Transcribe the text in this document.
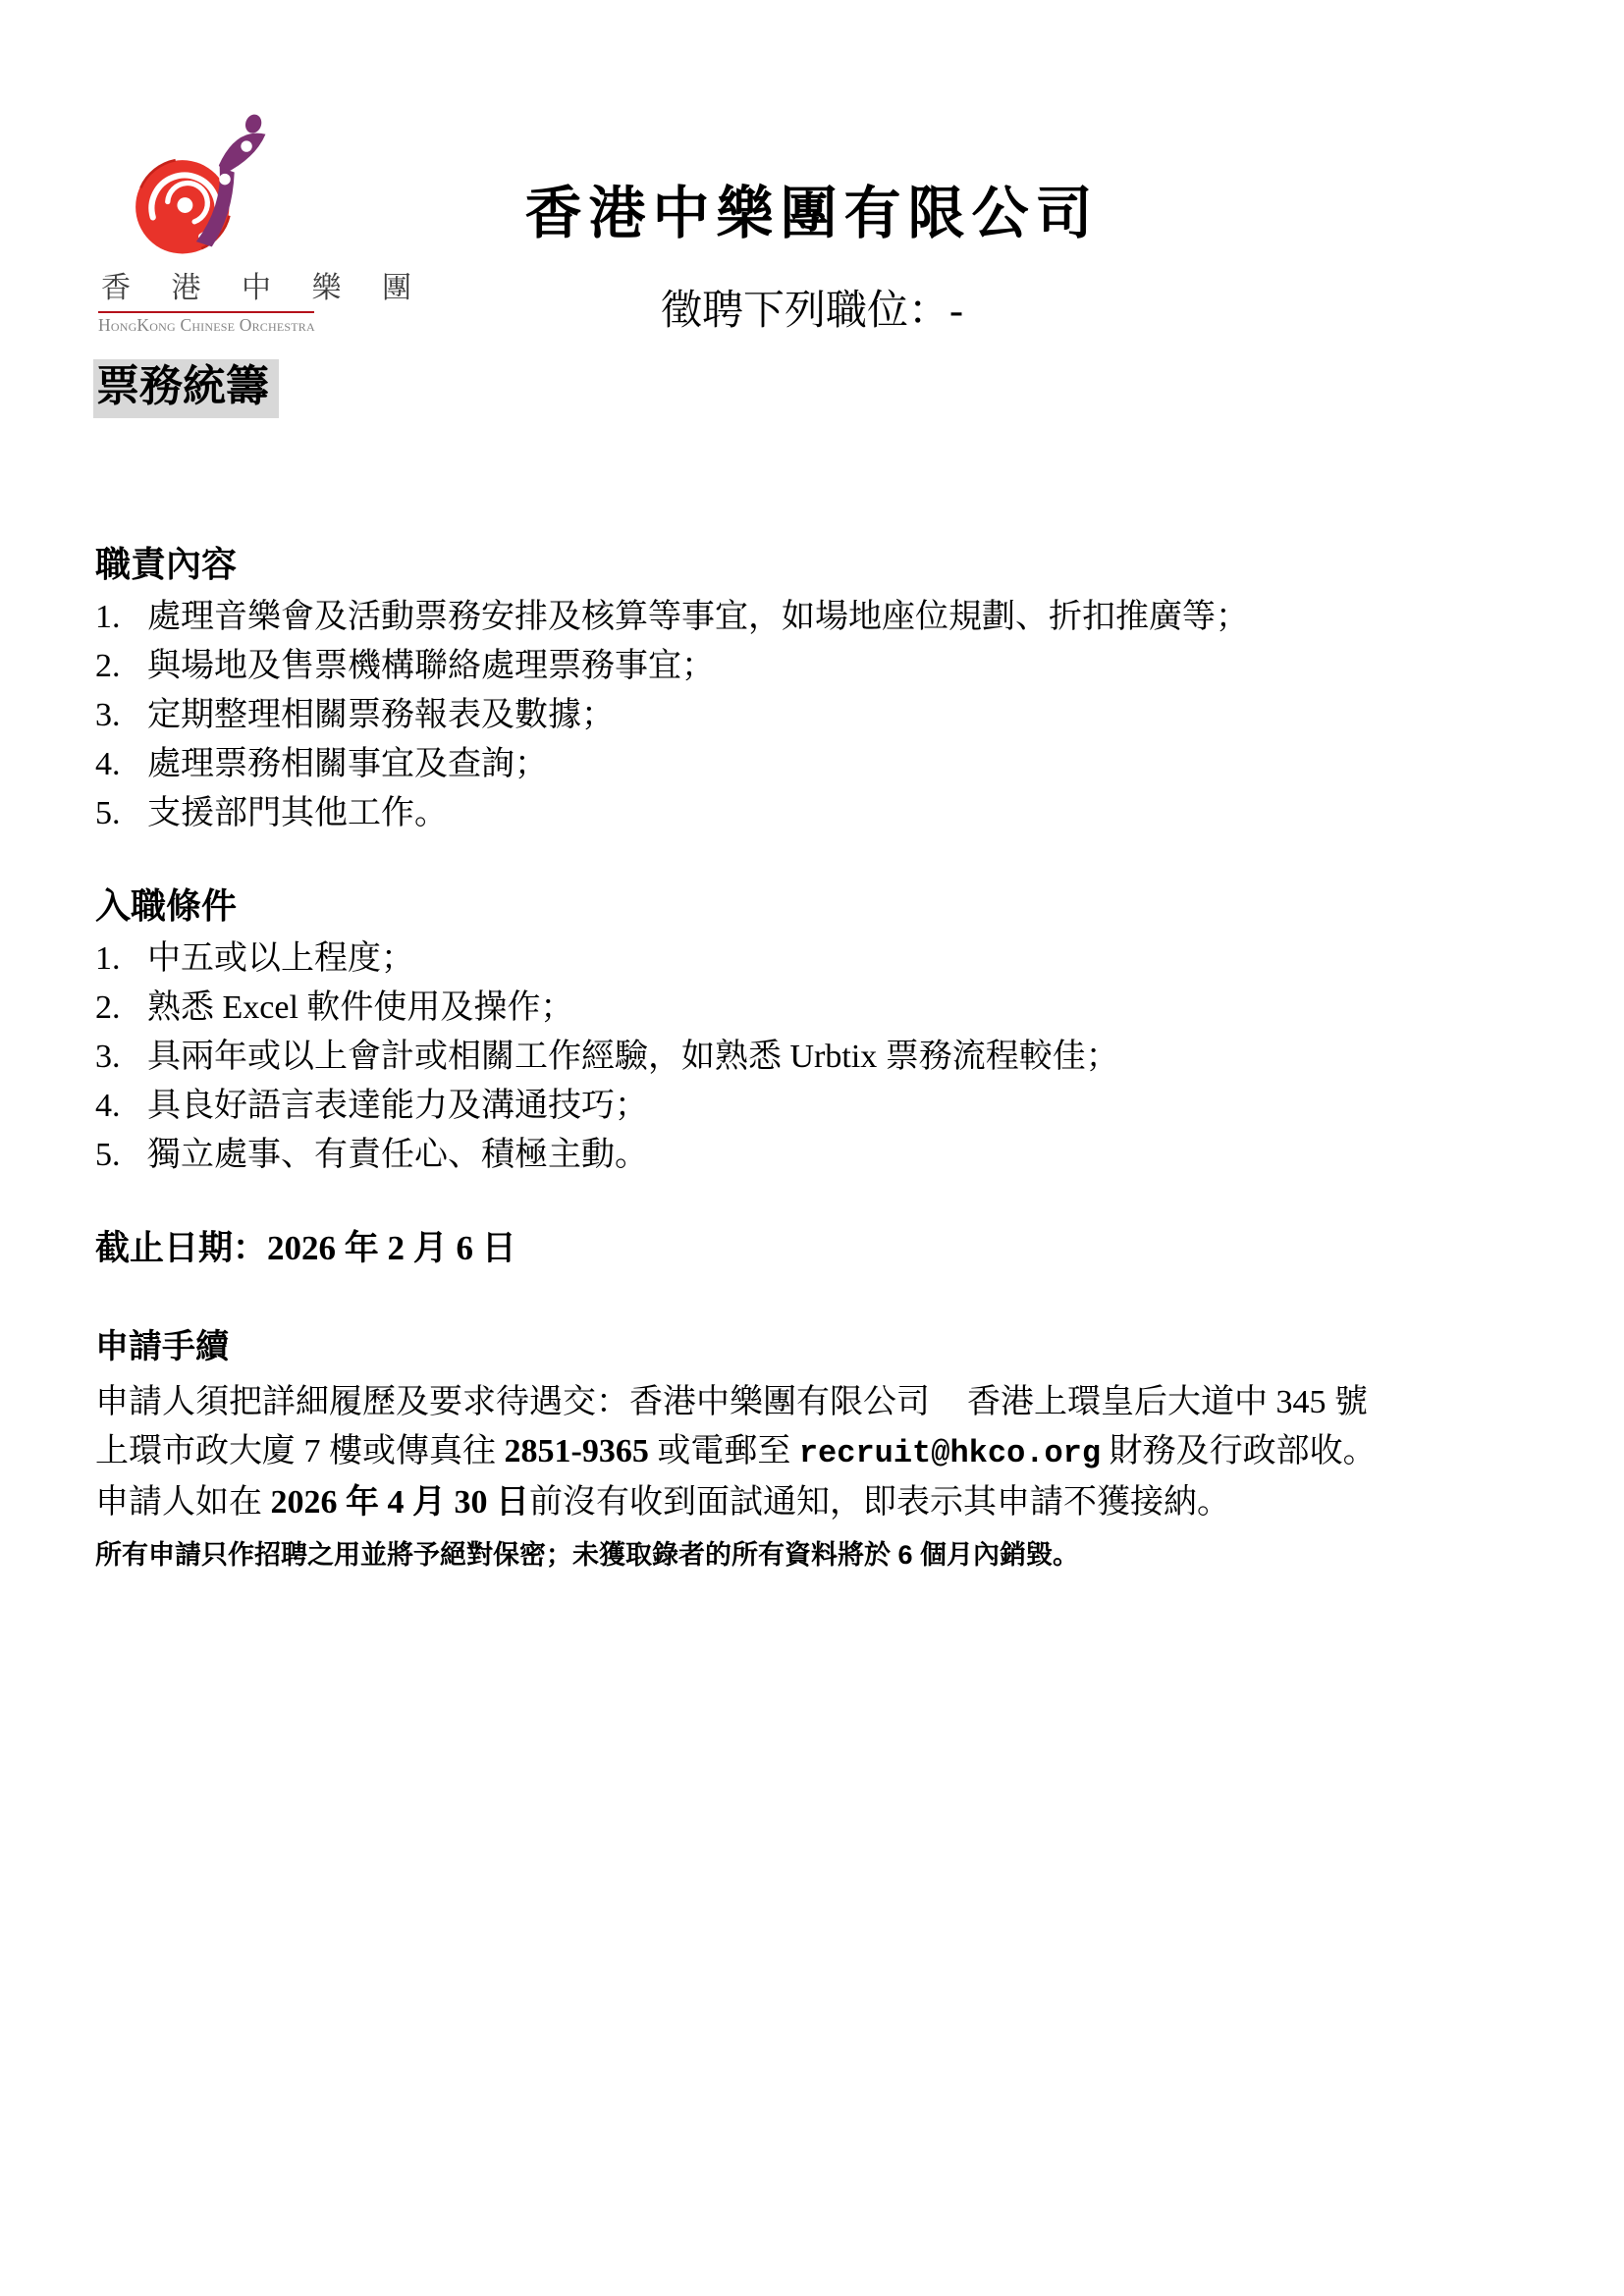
香 港 中 樂 團
HongKong Chinese Orchestra
香港中樂團有限公司
徵聘下列職位：-
票務統籌
職責內容
1. 處理音樂會及活動票務安排及核算等事宜，如場地座位規劃、折扣推廣等；
2. 與場地及售票機構聯絡處理票務事宜；
3. 定期整理相關票務報表及數據；
4. 處理票務相關事宜及查詢；
5. 支援部門其他工作。
入職條件
1. 中五或以上程度；
2. 熟悉 Excel 軟件使用及操作；
3. 具兩年或以上會計或相關工作經驗，如熟悉 Urbtix 票務流程較佳；
4. 具良好語言表達能力及溝通技巧；
5. 獨立處事、有責任心、積極主動。
截止日期：2026 年 2 月 6 日
申請手續
申請人須把詳細履歷及要求待遇交：香港中樂團有限公司 香港上環皇后大道中 345 號
上環市政大廈 7 樓或傳真往 2851-9365 或電郵至 recruit@hkco.org 財務及行政部收。
申請人如在 2026 年 4 月 30 日前沒有收到面試通知，即表示其申請不獲接納。
所有申請只作招聘之用並將予絕對保密；未獲取錄者的所有資料將於 6 個月內銷毀。
